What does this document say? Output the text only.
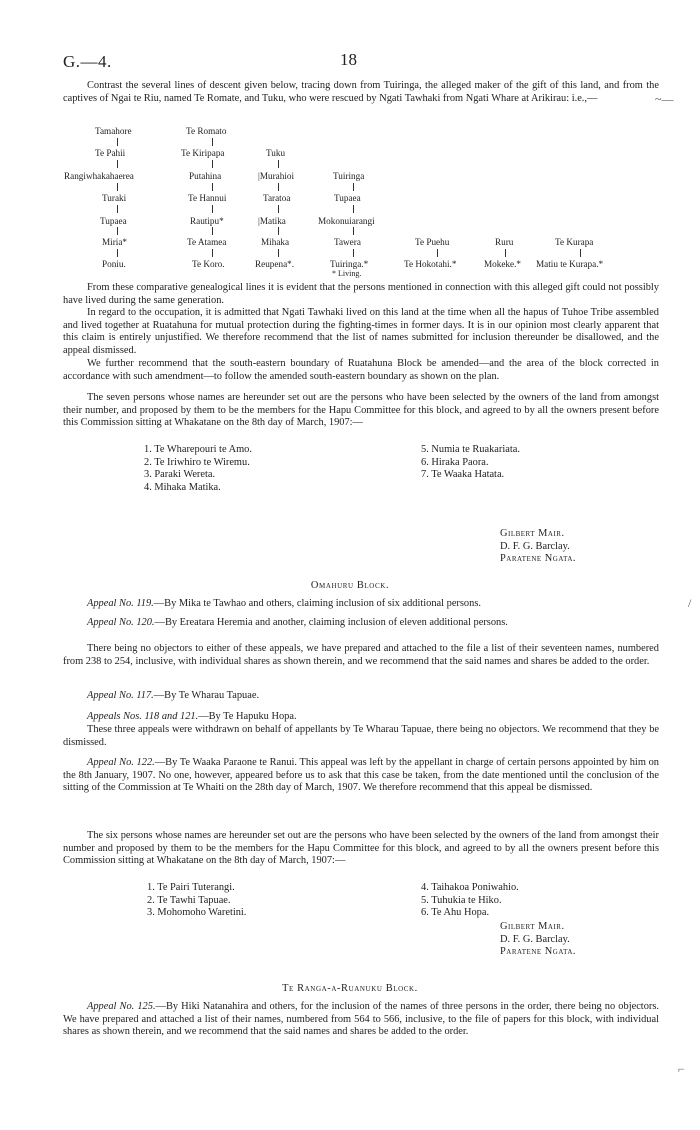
G.—4.	18
~—
Contrast the several lines of descent given below, tracing down from Tuiringa, the alleged maker of the gift of this land, and from the captives of Ngai te Riu, named Te Romate, and Tuku, who were rescued by Ngati Tawhaki from Ngati Whare at Arikirau: i.e.,—
Tamahore
Te Pahii
Rangiwhakahaerea
Turaki
Tupaea
Miria*
Poniu.
Te Romato
Te Kiripapa
Putahina
Te Hannui
Rautipu*
Te Atamea
Te Koro.
Tuku
|Murahioi
Taratoa
|Matika
Mihaka
Reupena*.
Tuiringa
Tupaea
Mokonuiarangi
Tawera
Tuiringa.*
* Living.
Te Puehu
Te Hokotahi.*
Ruru
Mokeke.*
Te Kurapa
Matiu te Kurapa.*
From these comparative genealogical lines it is evident that the persons mentioned in connection with this alleged gift could not possibly have lived during the same generation.
In regard to the occupation, it is admitted that Ngati Tawhaki lived on this land at the time when all the hapus of Tuhoe Tribe assembled and lived together at Ruatahuna for mutual protection during the fighting-times in former days. It is in our opinion most clearly apparent that this claim is entirely unjustified. We therefore recommend that the list of names submitted for inclusion thereunder be disallowed, and the appeal dismissed.
We further recommend that the south-eastern boundary of Ruatahuna Block be amended—and the area of the block corrected in accordance with such amendment—to follow the amended south-eastern boundary as shown on the plan.
The seven persons whose names are hereunder set out are the persons who have been selected by the owners of the land from amongst their number, and proposed by them to be the members for the Hapu Committee for this block, and agreed to by all the owners present before this Commission sitting at Whakatane on the 8th day of March, 1907:—
1. Te Wharepouri te Amo.
2. Te Iriwhiro te Wiremu.
3. Paraki Wereta.
4. Mihaka Matika.
5. Numia te Ruakariata.
6. Hiraka Paora.
7. Te Waaka Hatata.
Gilbert Mair.
D. F. G. Barclay.
Paratene Ngata.
Omahuru Block.
Appeal No. 119.—By Mika te Tawhao and others, claiming inclusion of six additional persons.
Appeal No. 120.—By Ereatara Heremia and another, claiming inclusion of eleven additional persons.
There being no objectors to either of these appeals, we have prepared and attached to the file a list of their seventeen names, numbered from 238 to 254, inclusive, with individual shares as shown therein, and we recommend that the said names and shares be added to the order.
Appeal No. 117.—By Te Wharau Tapuae.
Appeals Nos. 118 and 121.—By Te Hapuku Hopa.
These three appeals were withdrawn on behalf of appellants by Te Wharau Tapuae, there being no objectors. We recommend that they be dismissed.
Appeal No. 122.—By Te Waaka Paraone te Ranui. This appeal was left by the appellant in charge of certain persons appointed by him on the 8th January, 1907. No one, however, appeared before us to ask that this case be taken, from the date mentioned until the conclusion of the sitting of the Commission at Te Whaiti on the 28th day of March, 1907. We therefore recommend that this appeal be dismissed.
The six persons whose names are hereunder set out are the persons who have been selected by the owners of the land from amongst their number and proposed by them to be the members for the Hapu Committee for this block, and agreed to by all the owners present before this Commission sitting at Whakatane on the 8th day of March, 1907:—
1. Te Pairi Tuterangi.
2. Te Tawhi Tapuae.
3. Mohomoho Waretini.
4. Taihakoa Poniwahio.
5. Tuhukia te Hiko.
6. Te Ahu Hopa.
Gilbert Mair.
D. F. G. Barclay.
Paratene Ngata.
Te Ranga-a-Ruanuku Block.
Appeal No. 125.—By Hiki Natanahira and others, for the inclusion of the names of three persons in the order, there being no objectors. We have prepared and attached a list of their names, numbered from 564 to 566, inclusive, to the file of papers for this block, with individual shares as shown therein, and we recommend that the said names and shares be added to the order.
/
⌐
